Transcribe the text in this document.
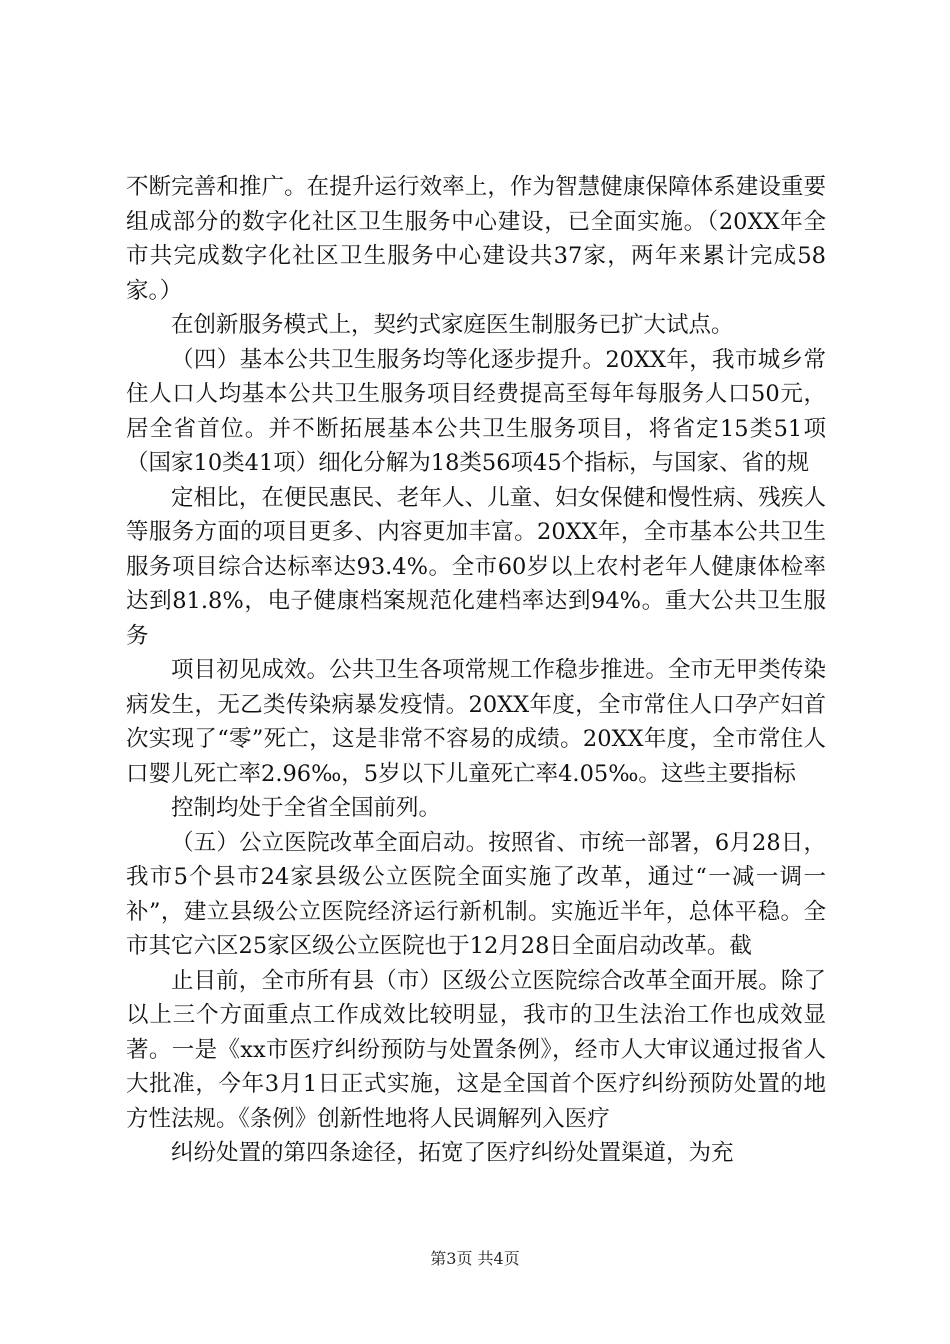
不断完善和推广。在提升运行效率上，作为智慧健康保障体系建设重要组成部分的数字化社区卫生服务中心建设，已全面实施。（20XX年全市共完成数字化社区卫生服务中心建设共37家，两年来累计完成58家。）

在创新服务模式上，契约式家庭医生制服务已扩大试点。

（四）基本公共卫生服务均等化逐步提升。20XX年，我市城乡常住人口人均基本公共卫生服务项目经费提高至每年每服务人口50元，居全省首位。并不断拓展基本公共卫生服务项目，将省定15类51项（国家10类41项）细化分解为18类56项45个指标，与国家、省的规

定相比，在便民惠民、老年人、儿童、妇女保健和慢性病、残疾人等服务方面的项目更多、内容更加丰富。20XX年，全市基本公共卫生服务项目综合达标率达93.4%。全市60岁以上农村老年人健康体检率达到81.8%，电子健康档案规范化建档率达到94%。重大公共卫生服务

项目初见成效。公共卫生各项常规工作稳步推进。全市无甲类传染病发生，无乙类传染病暴发疫情。20XX年度，全市常住人口孕产妇首次实现了“零”死亡，这是非常不容易的成绩。20XX年度，全市常住人口婴儿死亡率2.96‰，5岁以下儿童死亡率4.05‰。这些主要指标

控制均处于全省全国前列。

（五）公立医院改革全面启动。按照省、市统一部署，6月28日，我市5个县市24家县级公立医院全面实施了改革，通过“一减一调一补”，建立县级公立医院经济运行新机制。实施近半年，总体平稳。全市其它六区25家区级公立医院也于12月28日全面启动改革。截

止目前，全市所有县（市）区级公立医院综合改革全面开展。除了以上三个方面重点工作成效比较明显，我市的卫生法治工作也成效显著。一是《xx市医疗纠纷预防与处置条例》，经市人大审议通过报省人大批准，今年3月1日正式实施，这是全国首个医疗纠纷预防处置的地方性法规。《条例》创新性地将人民调解列入医疗

纠纷处置的第四条途径，拓宽了医疗纠纷处置渠道，为充

第3页 共4页
